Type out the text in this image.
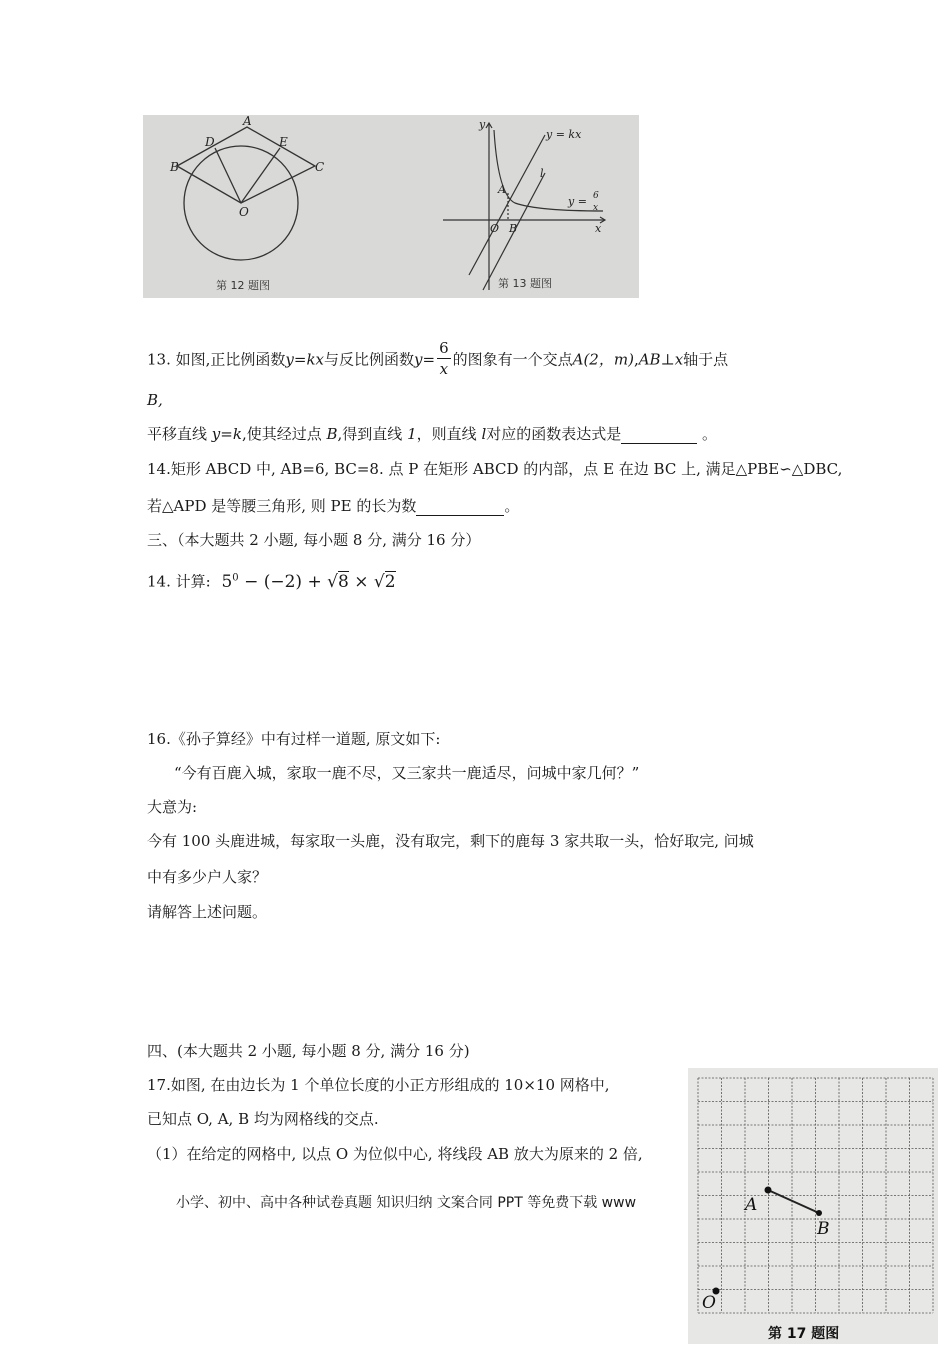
A
D	E
B	C
O
第 12 题图
y
x
y = kx
l
A
O B
y = 6
x
第 13 题图
13. 如图,正比例函数y=kx与反比例函数$y= \frac{6}{x}$ 的图象有一个交点A(2，m),AB⊥x轴于点
B,
平移直线 y=k,使其经过点 B,得到直线 1，则直线 l对应的函数表达式是	。
14.矩形 ABCD 中, AB=6, BC=8. 点 P 在矩形 ABCD 的内部，点 E 在边 BC 上, 满足△PBE∽△DBC,
若△APD 是等腰三角形, 则 PE 的长为数	。
三、（本大题共 2 小题, 每小题 8 分, 满分 16 分）
14. 计算: $5^0 - (-2) + √8 \times √2$
16.《孙子算经》中有过样一道题, 原文如下:
“今有百鹿入城，家取一鹿不尽，又三家共一鹿适尽，问城中家几何？”
大意为:
今有 100 头鹿进城，每家取一头鹿，没有取完，剩下的鹿每 3 家共取一头，恰好取完, 问城
中有多少户人家？
请解答上述问题。
四、(本大题共 2 小题, 每小题 8 分, 满分 16 分)
17.如图, 在由边长为 1 个单位长度的小正方形组成的 10×10 网格中,
已知点 O, A, B 均为网格线的交点.
（1）在给定的网格中, 以点 O 为位似中心, 将线段 AB 放大为原来的 2 倍,
小学、初中、高中各种试卷真题 知识归纳 文案合同 PPT 等免费下载 www	A
B
O
第 17 题图
